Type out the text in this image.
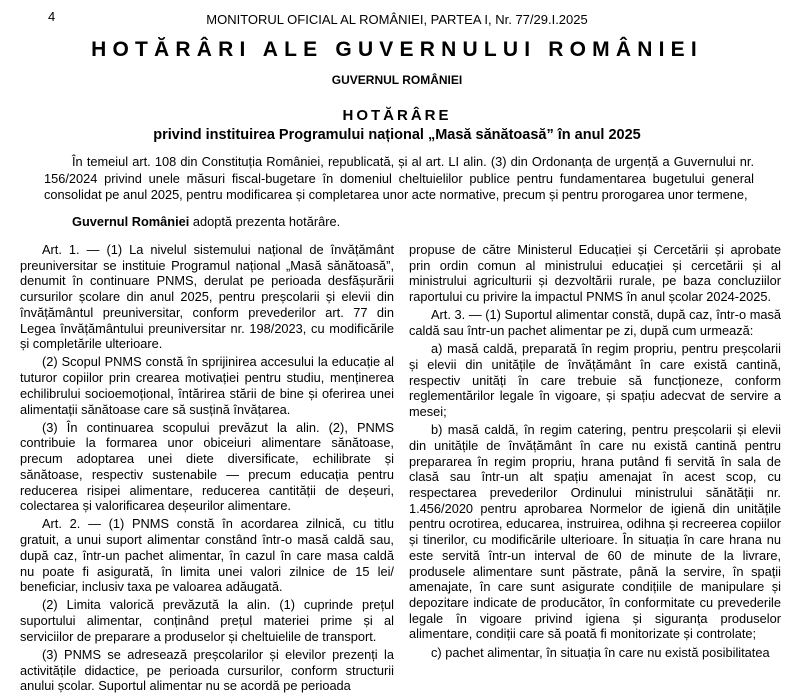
4	MONITORUL OFICIAL AL ROMÂNIEI, PARTEA I, Nr. 77/29.I.2025
HOTĂRÂRI ALE GUVERNULUI ROMÂNIEI
GUVERNUL ROMÂNIEI
HOTĂRÂRE
privind instituirea Programului național „Masă sănătoasă” în anul 2025
În temeiul art. 108 din Constituția României, republicată, și al art. LI alin. (3) din Ordonanța de urgență a Guvernului nr. 156/2024 privind unele măsuri fiscal-bugetare în domeniul cheltuielilor publice pentru fundamentarea bugetului general consolidat pe anul 2025, pentru modificarea și completarea unor acte normative, precum și pentru prorogarea unor termene,
Guvernul României adoptă prezenta hotărâre.

Art. 1. — (1) La nivelul sistemului național de învățământ preuniversitar se instituie Programul național „Masă sănătoasă”, denumit în continuare PNMS, derulat pe perioada desfășurării cursurilor școlare din anul 2025, pentru preșcolarii și elevii din învățământul preuniversitar, conform prevederilor art. 77 din Legea învățământului preuniversitar nr. 198/2023, cu modificările și completările ulterioare.

(2) Scopul PNMS constă în sprijinirea accesului la educație al tuturor copiilor prin crearea motivației pentru studiu, menținerea echilibrului socioemoțional, întărirea stării de bine și oferirea unei alimentații sănătoase care să susțină învățarea.

(3) În continuarea scopului prevăzut la alin. (2), PNMS contribuie la formarea unor obiceiuri alimentare sănătoase, precum adoptarea unei diete diversificate, echilibrate și sănătoase, respectiv sustenabile — precum educația pentru reducerea risipei alimentare, reducerea cantității de deșeuri, colectarea și valorificarea deșeurilor alimentare.

Art. 2. — (1) PNMS constă în acordarea zilnică, cu titlu gratuit, a unui suport alimentar constând într-o masă caldă sau, după caz, într-un pachet alimentar, în cazul în care masa caldă nu poate fi asigurată, în limita unei valori zilnice de 15 lei/ beneficiar, inclusiv taxa pe valoarea adăugată.

(2) Limita valorică prevăzută la alin. (1) cuprinde prețul suportului alimentar, conținând prețul materiei prime și al serviciilor de preparare a produselor și cheltuielile de transport.

(3) PNMS se adresează preșcolarilor și elevilor prezenți la activitățile didactice, pe perioada cursurilor, conform structurii anului școlar. Suportul alimentar nu se acordă pe perioada

propuse de către Ministerul Educației și Cercetării și aprobate prin ordin comun al ministrului educației și cercetării și al ministrului agriculturii și dezvoltării rurale, pe baza concluziilor raportului cu privire la impactul PNMS în anul școlar 2024-2025.

Art. 3. — (1) Suportul alimentar constă, după caz, într-o masă caldă sau într-un pachet alimentar pe zi, după cum urmează:

a) masă caldă, preparată în regim propriu, pentru preșcolarii și elevii din unitățile de învățământ în care există cantină, respectiv unități în care trebuie să funcționeze, conform reglementărilor legale în vigoare, și spațiu adecvat de servire a mesei;

b) masă caldă, în regim catering, pentru preșcolarii și elevii din unitățile de învățământ în care nu există cantină pentru prepararea în regim propriu, hrana putând fi servită în sala de clasă sau într-un alt spațiu amenajat în acest scop, cu respectarea prevederilor Ordinului ministrului sănătății nr. 1.456/2020 pentru aprobarea Normelor de igienă din unitățile pentru ocrotirea, educarea, instruirea, odihna și recreerea copiilor și tinerilor, cu modificările ulterioare. În situația în care hrana nu este servită într-un interval de 60 de minute de la livrare, produsele alimentare sunt păstrate, până la servire, în spații amenajate, în care sunt asigurate condițiile de manipulare și depozitare indicate de producător, în conformitate cu prevederile legale în vigoare privind igiena și siguranța produselor alimentare, condiții care să poată fi monitorizate și controlate;

c) pachet alimentar, în situația în care nu există posibilitatea
